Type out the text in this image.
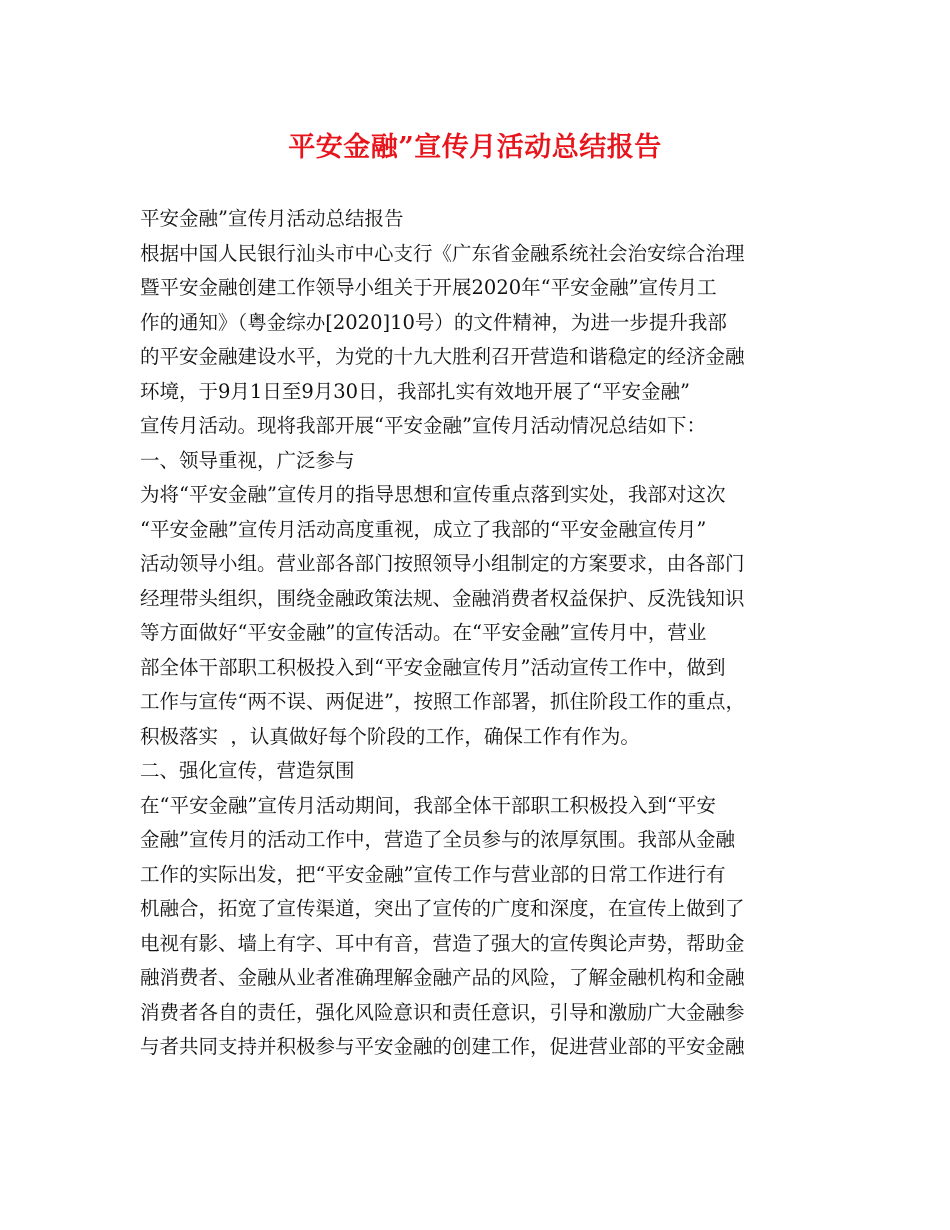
平安金融”宣传月活动总结报告
平安金融”宣传月活动总结报告
根据中国人民银行汕头市中心支行《广东省金融系统社会治安综合治理
暨平安金融创建工作领导小组关于开展2020年“平安金融”宣传月工
作的通知》（粤金综办[2020]10号）的文件精神，为进一步提升我部
的平安金融建设水平，为党的十九大胜利召开营造和谐稳定的经济金融
环境，于9月1日至9月30日，我部扎实有效地开展了“平安金融”
宣传月活动。现将我部开展“平安金融”宣传月活动情况总结如下：
一、领导重视，广泛参与
为将“平安金融”宣传月的指导思想和宣传重点落到实处，我部对这次
“平安金融”宣传月活动高度重视，成立了我部的“平安金融宣传月”
活动领导小组。营业部各部门按照领导小组制定的方案要求，由各部门
经理带头组织，围绕金融政策法规、金融消费者权益保护、反洗钱知识
等方面做好“平安金融”的宣传活动。在“平安金融”宣传月中，营业
部全体干部职工积极投入到“平安金融宣传月”活动宣传工作中，做到
工作与宣传“两不误、两促进”，按照工作部署，抓住阶段工作的重点，
积极落实  ，认真做好每个阶段的工作，确保工作有作为。
二、强化宣传，营造氛围
在“平安金融”宣传月活动期间，我部全体干部职工积极投入到“平安
金融”宣传月的活动工作中，营造了全员参与的浓厚氛围。我部从金融
工作的实际出发，把“平安金融”宣传工作与营业部的日常工作进行有
机融合，拓宽了宣传渠道，突出了宣传的广度和深度，在宣传上做到了
电视有影、墙上有字、耳中有音，营造了强大的宣传舆论声势，帮助金
融消费者、金融从业者准确理解金融产品的风险，了解金融机构和金融
消费者各自的责任，强化风险意识和责任意识，引导和激励广大金融参
与者共同支持并积极参与平安金融的创建工作，促进营业部的平安金融
